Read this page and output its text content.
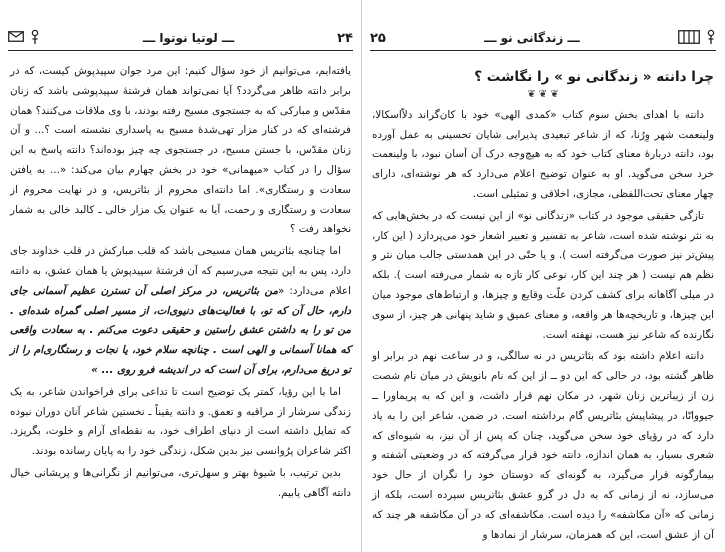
ـــ لوتیا نوتوا ـــ	۲۴

یافته‌ایم، می‌توانیم از خود سؤال کنیم: این مرد جوان سپیدپوش کیست، که در برابر دانته ظاهر می‌گردد؟ آیا نمی‌تواند همان فرشتهٔ سپیدپوشی باشد که زنان مقدّس و مبارکی که به جستجوی مسیح رفته بودند، با وی ملاقات می‌کنند؟ همان فرشته‌ای که در کنار مزار تهی‌شدهٔ مسیح به پاسداری نشسته است ؟... و آن زنان مقدّس، با جستن مسیح، در جستجوی چه چیز بوده‌اند؟ دانته پاسخ به این سؤال را در کتاب «میهمانی» خود در بخش چهارم بیان می‌کند: «... به یافتن سعادت و رستگاری». اما دانته‌ای محروم از بئاتریس، و در نهایت محروم از سعادت و رستگاری و رحمت، آیا به عنوان یک مزار خالی ـ کالبد خالی به شمار نخواهد رفت ؟

اما چنانچه بئاتریس همان مسیحی باشد که قلب مبارکش در قلب خداوند جای دارد، پس به این نتیجه می‌رسیم که آن فرشتهٔ سپیدپوش یا همان عشق، به دانته اعلام می‌دارد: «من بئاتریس، در مرکز اصلی آن تسترن عظیم آسمانی جای دارم، حال آن که تو، با فعالیت‌های دنیوی‌ات، از مسیر اصلی گمراه شده‌ای . من تو را به داشتن عشق راستین و حقیقی دعوت می‌کنم . به سعادت واقعی که همانا آسمانی و الهی است . چنانچه سلام خود، یا نجات و رستگاری‌ام را از تو دریغ می‌دارم، برای آن است که در اندیشه فرو روی ... »

اما با این رؤیا، کمتر یک توضیح است تا تداعی برای فراخواندن شاعر، به یک زندگی سرشار از مراقبه و تعمق. و دانته یقیناً ـ نخستین شاعر آنان دوران نبوده که تمایل داشته است از دنیای اطراف خود، به نقطه‌ای آرام و خلوت، بگریزد. اکثر شاعران پرُوانسی نیز بدین شکل، زندگی خود را به پایان رسانده بودند.

بدین ترتیب، با شیوهٔ بهتر و سهل‌تری، می‌توانیم از نگرانی‌ها و پریشانی خیال دانته آگاهی یابیم.

۲۵	ـــ زندگانی نو ـــ
چرا دانته « زندگانی نو » را نگاشت ؟
❦ ❦ ❦

دانته با اهدای بخش سوم کتاب «کمدی الهی» خود با کان‌گراند دلاّاسکالا، ولینعمت شهر وِرُنا، که از شاعر تبعیدی پذیرایی شایان تحسینی به عمل آورده بود، دانته دربارهٔ معنای کتاب خود که به هیچ‌وجه درک آن آسان نبود، با ولینعمت خرد سخن می‌گوید. او به عنوان توضیح اعلام می‌دارد که هر نوشته‌ای، دارای چهار معنای تحت‌اللفظی، مجازی، اخلاقی و تمثیلی است.

تازگی حقیقی موجود در کتاب «زندگانی نو» از این نیست که در بخش‌هایی که به نثر نوشته شده است، شاعر به تفسیر و تعبیر اشعار خود می‌پردازد ( این کار، پیش‌تر نیز صورت می‌گرفته است ). و یا حتّی در این همدستی جالب میان نثر و نظم هم نیست ( هر چند این کار، نوعی کار تازه به شمار می‌رفته است ). بلکه در میلی آگاهانه برای کشف کردن علّت وقایع و چیزها، و ارتباط‌های موجود میان این چیزها، و تاریخچه‌ها هر واقعه، و معنای عمیق و شاید پنهانی هر چیز، از سوی نگارنده که شاعر نیز هست، نهفته است.

دانته اعلام داشته بود که بئاتریس در نه سالگی، و در ساعت نهم در برابر او ظاهر گشته بود، در حالی که این دو ــ از این که نام بانویش در میان نام شصت زن از زیباترین زنان شهر، در مکان نهم قرار داشت، و این که به پریماورا ــ جیووانّا، در پیشاپیش بئاتریس گام برداشته است. در ضمن، شاعر این را به یاد دارد که در رؤیای خود سخن می‌گوید، چنان که پس از آن نیز، به شیوه‌ای که شعری بسیار، به همان اندازه، دانته خود قرار می‌گرفته که در وضعیتی آشفته و بیمارگونه قرار می‌گیرد، به گونه‌ای که دوستان خود را نگران از حال خود می‌سازد، نه از زمانی که به دل در گرو عشق بئاتریس سپرده است، بلکه از زمانی که «آن مکاشفه» را دیده است. مکاشفه‌ای که در آن مکاشفه هر چند که آن از عشق است، این که همزمان، سرشار از نمادها و
